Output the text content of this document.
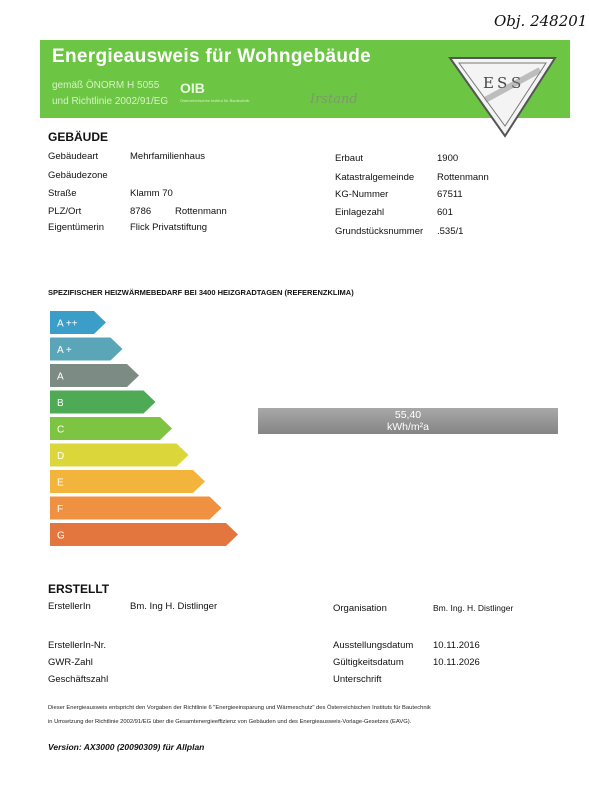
Obj. 248201
Energieausweis für Wohngebäude
gemäß ÖNORM H 5055
und Richtlinie 2002/91/EG
OIB
Österreichisches Institut für Bautechnik	Irstand
E S
GEBÄUDE
Gebäudeart	Mehrfamilienhaus
Gebäudezone
Straße	Klamm 70
PLZ/Ort	8786	Rottenmann
Eigentümerin	Flick Privatstiftung
Erbaut	1900
Katastralgemeinde Rottenmann
KG-Nummer	67511
Einlagezahl	601
Grundstücksnummer .535/1
SPEZIFISCHER HEIZWÄRMEBEDARF BEI 3400 HEIZGRADTAGEN (REFERENZKLIMA)
A ++
A +
A
B
C
D
E
F
G
55,40
kWh/m²a
ERSTELLT
ErstellerIn	Bm. Ing H. Distlinger
ErstellerIn-Nr.
GWR-Zahl
Geschäftszahl
Organisation	Bm. Ing. H. Distlinger
Ausstellungsdatum 10.11.2016
Gültigkeitsdatum	10.11.2026
Unterschrift
Dieser Energieausweis entspricht den Vorgaben der Richtlinie 6 "Energieeinsparung und Wärmeschutz" des Österreichischen Instituts für Bautechnik
in Umsetzung der Richtlinie 2002/91/EG über die Gesamtenergieeffizienz von Gebäuden und des Energieausweis-Vorlage-Gesetzes (EAVG).
Version: AX3000 (20090309) für Allplan
